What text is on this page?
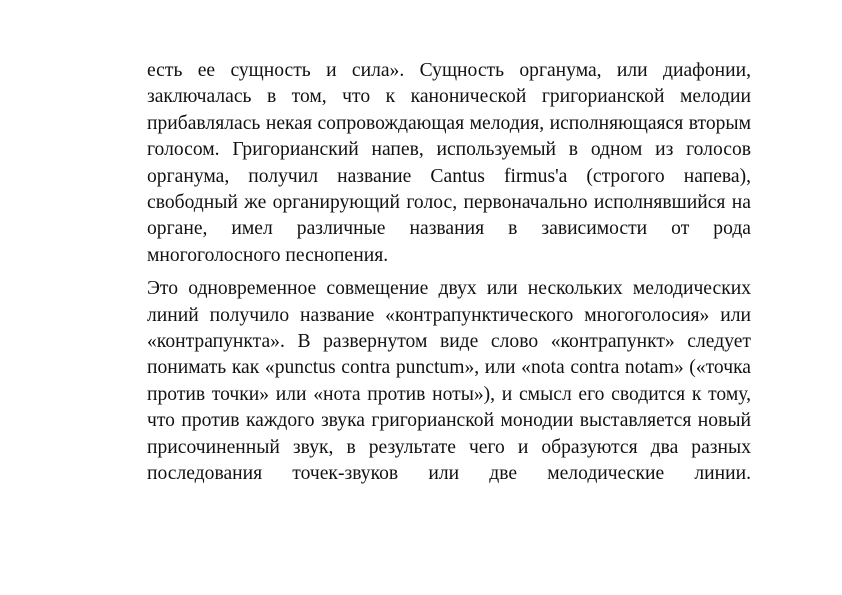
есть ее сущность и сила». Сущность органума, или диафонии, заключалась в том, что к канонической григорианской мелодии прибавлялась некая сопровождающая мелодия, исполняющаяся вторым голосом. Григорианский напев, используемый в одном из голосов органума, получил название Cantus firmus'а (строгого напева), свободный же органирующий голос, первоначально исполнявшийся на органе, имел различные названия в зависимости от рода многоголосного песнопения.

Это одновременное совмещение двух или нескольких мелодических линий получило название «контрапунктического многоголосия» или «контрапункта». В развернутом виде слово «контрапункт» следует понимать как «punctus contra punctum», или «nota contra notam» («точка против точки» или «нота против ноты»), и смысл его сводится к тому, что против каждого звука григорианской монодии выставляется новый присочиненный звук, в результате чего и образуются два разных последования точек-звуков или две мелодические линии.
